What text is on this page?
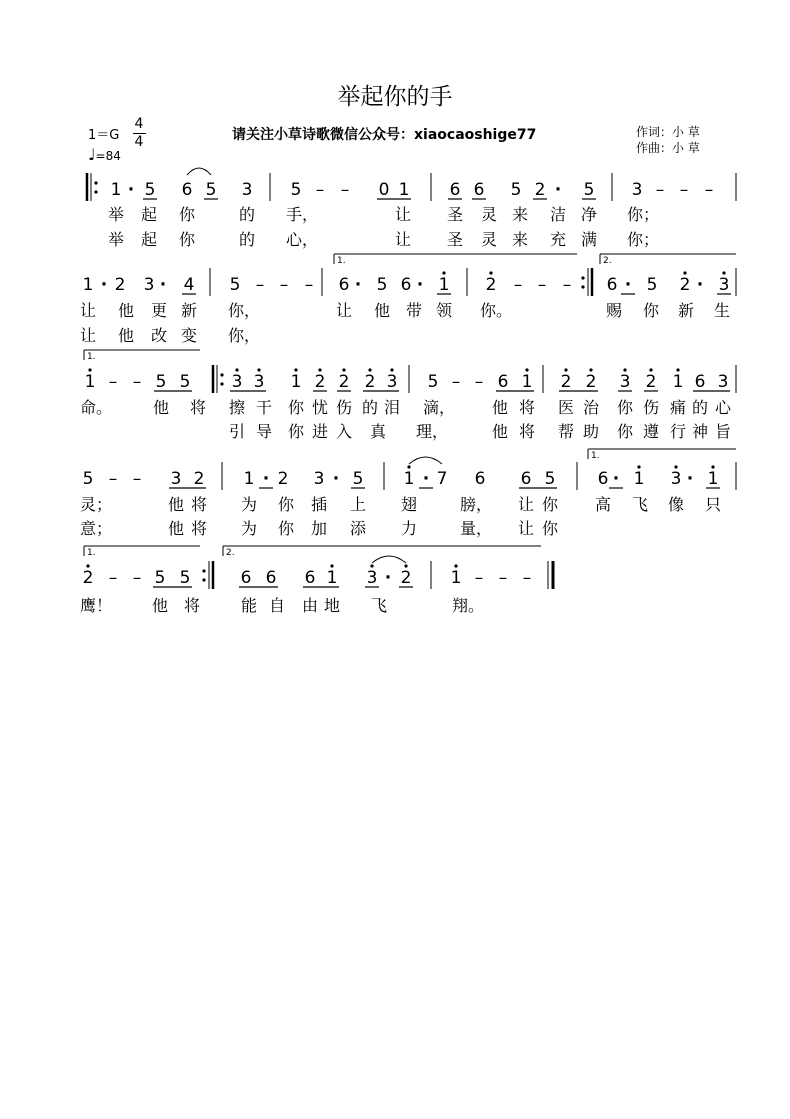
举起你的手
1＝G
4
4
♩=84
请关注小草诗歌微信公众号：xiaocaoshige77	作词：小 草
作曲：小 草
1 · 5 6 5 3 5 – – 0 1 6 6 5 2 · 5 3 – – –
举 起 你	的 手，	让 圣 灵 来 洁 净 你；
举 起 你	的 心，	让 圣 灵 来 充 满 你；
1 · 2 3 · 4 5 – – – 6 · 5 6 · 1 2 – – – 6 · 5 2 · 3
让 他 更 新 你，	让 他 带 领 你。	赐 你 新 生
让 他 改 变 你，
1 – – 5 5 3 3 1 2 2 2 3 5 – – 6 1 2 2 3 2 1 6 3
命。	他 将 擦 干 你 忧 伤 的 泪 滴， 他 将 医 治 你 伤 痛 的 心
引 导 你 进 入 真 理，	他 将 帮 助 你 遵 行 神 旨
5 – – 3 2 1 · 2 3 · 5 1 · 7 6 6 5 6 · 1 3 · 1
灵；	他 将 为 你 插 上 翅	膀， 让 你 高 飞 像 只
意；	他 将 为 你 加 添 力	量， 让 你
2 – – 5 5	6 6 6 1 3 · 2 1 – – –
鹰！ 他 将	能 自 由 地 飞	翔。
1.	2.
1.
1.
1.	2.
